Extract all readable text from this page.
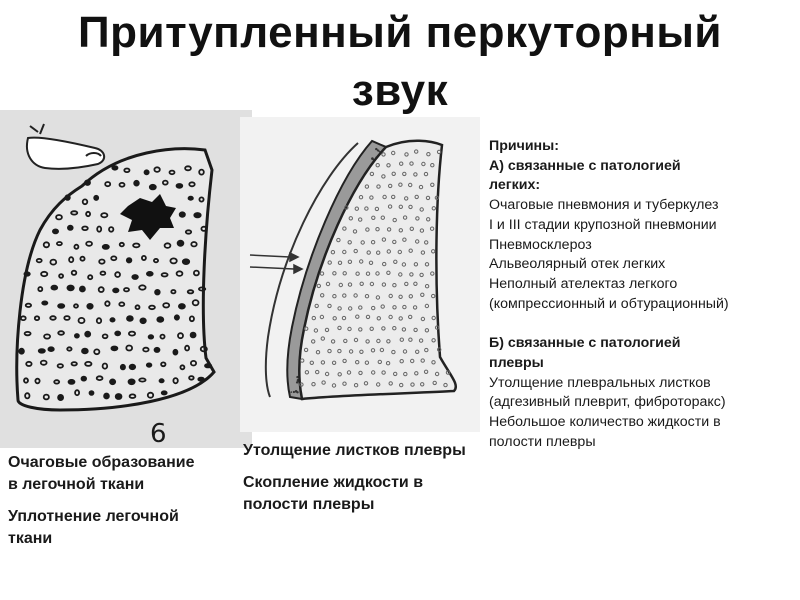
Притупленный перкуторный
звук
6

Очаговые образование в легочной ткани

Уплотнение легочной ткани

Утолщение листков плевры

Скопление жидкости в полости плевры

Причины:
А) связанные с патологией
легких:
Очаговые пневмония и туберкулез
I и III стадии крупозной пневмонии
Пневмосклероз
Альвеолярный отек легких
Неполный ателектаз легкого
(компрессионный и обтурационный)
Б) связанные с патологией
плевры
Утолщение плевральных листков
(адгезивный плеврит, фиброторакс)
Небольшое количество жидкости в
полости плевры
